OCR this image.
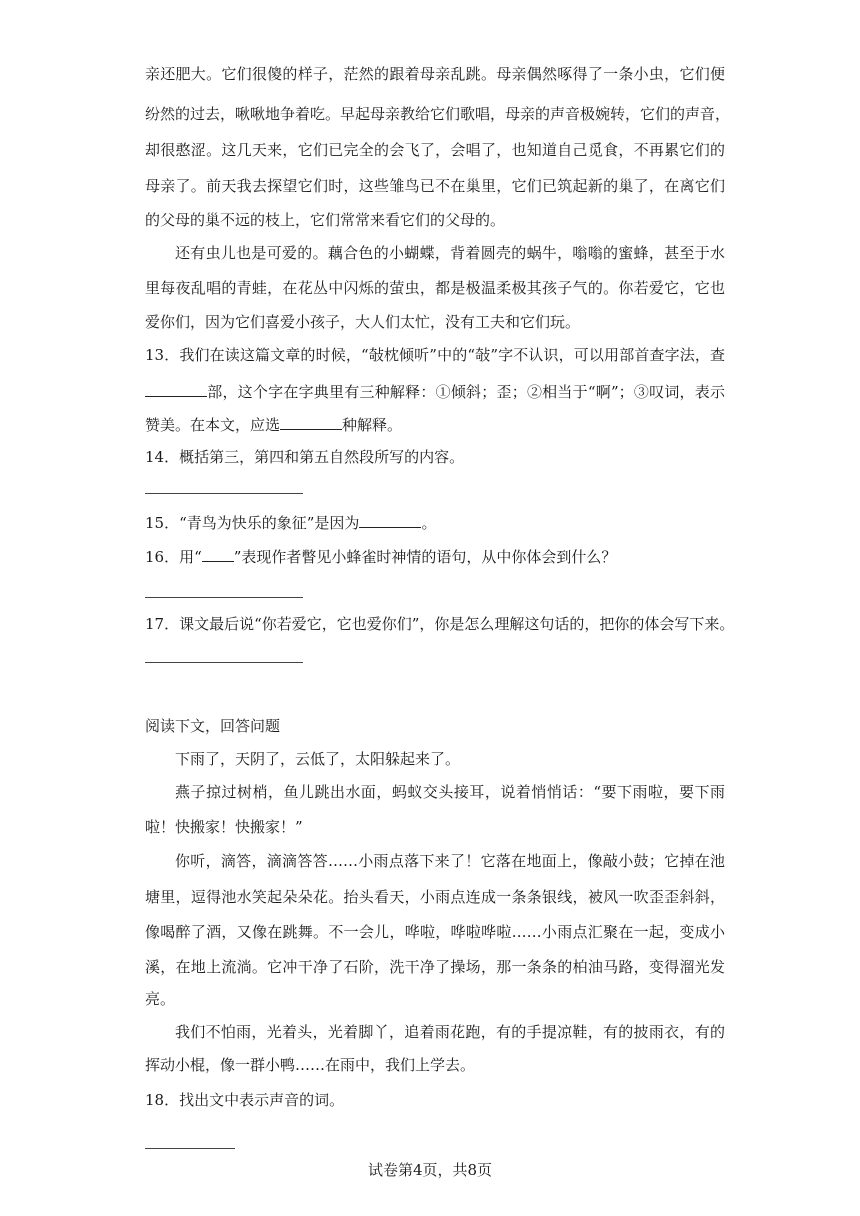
亲还肥大。它们很傻的样子，茫然的跟着母亲乱跳。母亲偶然啄得了一条小虫，它们便
纷然的过去，啾啾地争着吃。早起母亲教给它们歌唱，母亲的声音极婉转，它们的声音，
却很憨涩。这几天来，它们已完全的会飞了，会唱了，也知道自己觅食，不再累它们的
母亲了。前天我去探望它们时，这些雏鸟已不在巢里，它们已筑起新的巢了，在离它们
的父母的巢不远的枝上，它们常常来看它们的父母的。
还有虫儿也是可爱的。藕合色的小蝴蝶，背着圆壳的蜗牛，嗡嗡的蜜蜂，甚至于水
里每夜乱唱的青蛙，在花丛中闪烁的萤虫，都是极温柔极其孩子气的。你若爱它，它也
爱你们，因为它们喜爱小孩子，大人们太忙，没有工夫和它们玩。
13．我们在读这篇文章的时候，“敧枕倾听”中的“敧”字不认识，可以用部首查字法，查
部，这个字在字典里有三种解释：①倾斜；歪；②相当于“啊”；③叹词，表示
赞美。在本文，应选	种解释。
14．概括第三，第四和第五自然段所写的内容。
15．“青鸟为快乐的象征”是因为	。
16．用“ ”表现作者瞥见小蜂雀时神情的语句，从中你体会到什么？
17．课文最后说“你若爱它，它也爱你们”，你是怎么理解这句话的，把你的体会写下来。
阅读下文，回答问题
下雨了，天阴了，云低了，太阳躲起来了。
燕子掠过树梢，鱼儿跳出水面，蚂蚁交头接耳，说着悄悄话：“要下雨啦，要下雨
啦！快搬家！快搬家！”
你听，滴答，滴滴答答……小雨点落下来了！它落在地面上，像敲小鼓；它掉在池
塘里，逗得池水笑起朵朵花。抬头看天，小雨点连成一条条银线，被风一吹歪歪斜斜，
像喝醉了酒，又像在跳舞。不一会儿，哗啦，哗啦哗啦……小雨点汇聚在一起，变成小
溪，在地上流淌。它冲干净了石阶，洗干净了操场，那一条条的柏油马路，变得溜光发
亮。
我们不怕雨，光着头，光着脚丫，追着雨花跑，有的手提凉鞋，有的披雨衣，有的
挥动小棍，像一群小鸭……在雨中，我们上学去。
18．找出文中表示声音的词。
试卷第4页，共8页
